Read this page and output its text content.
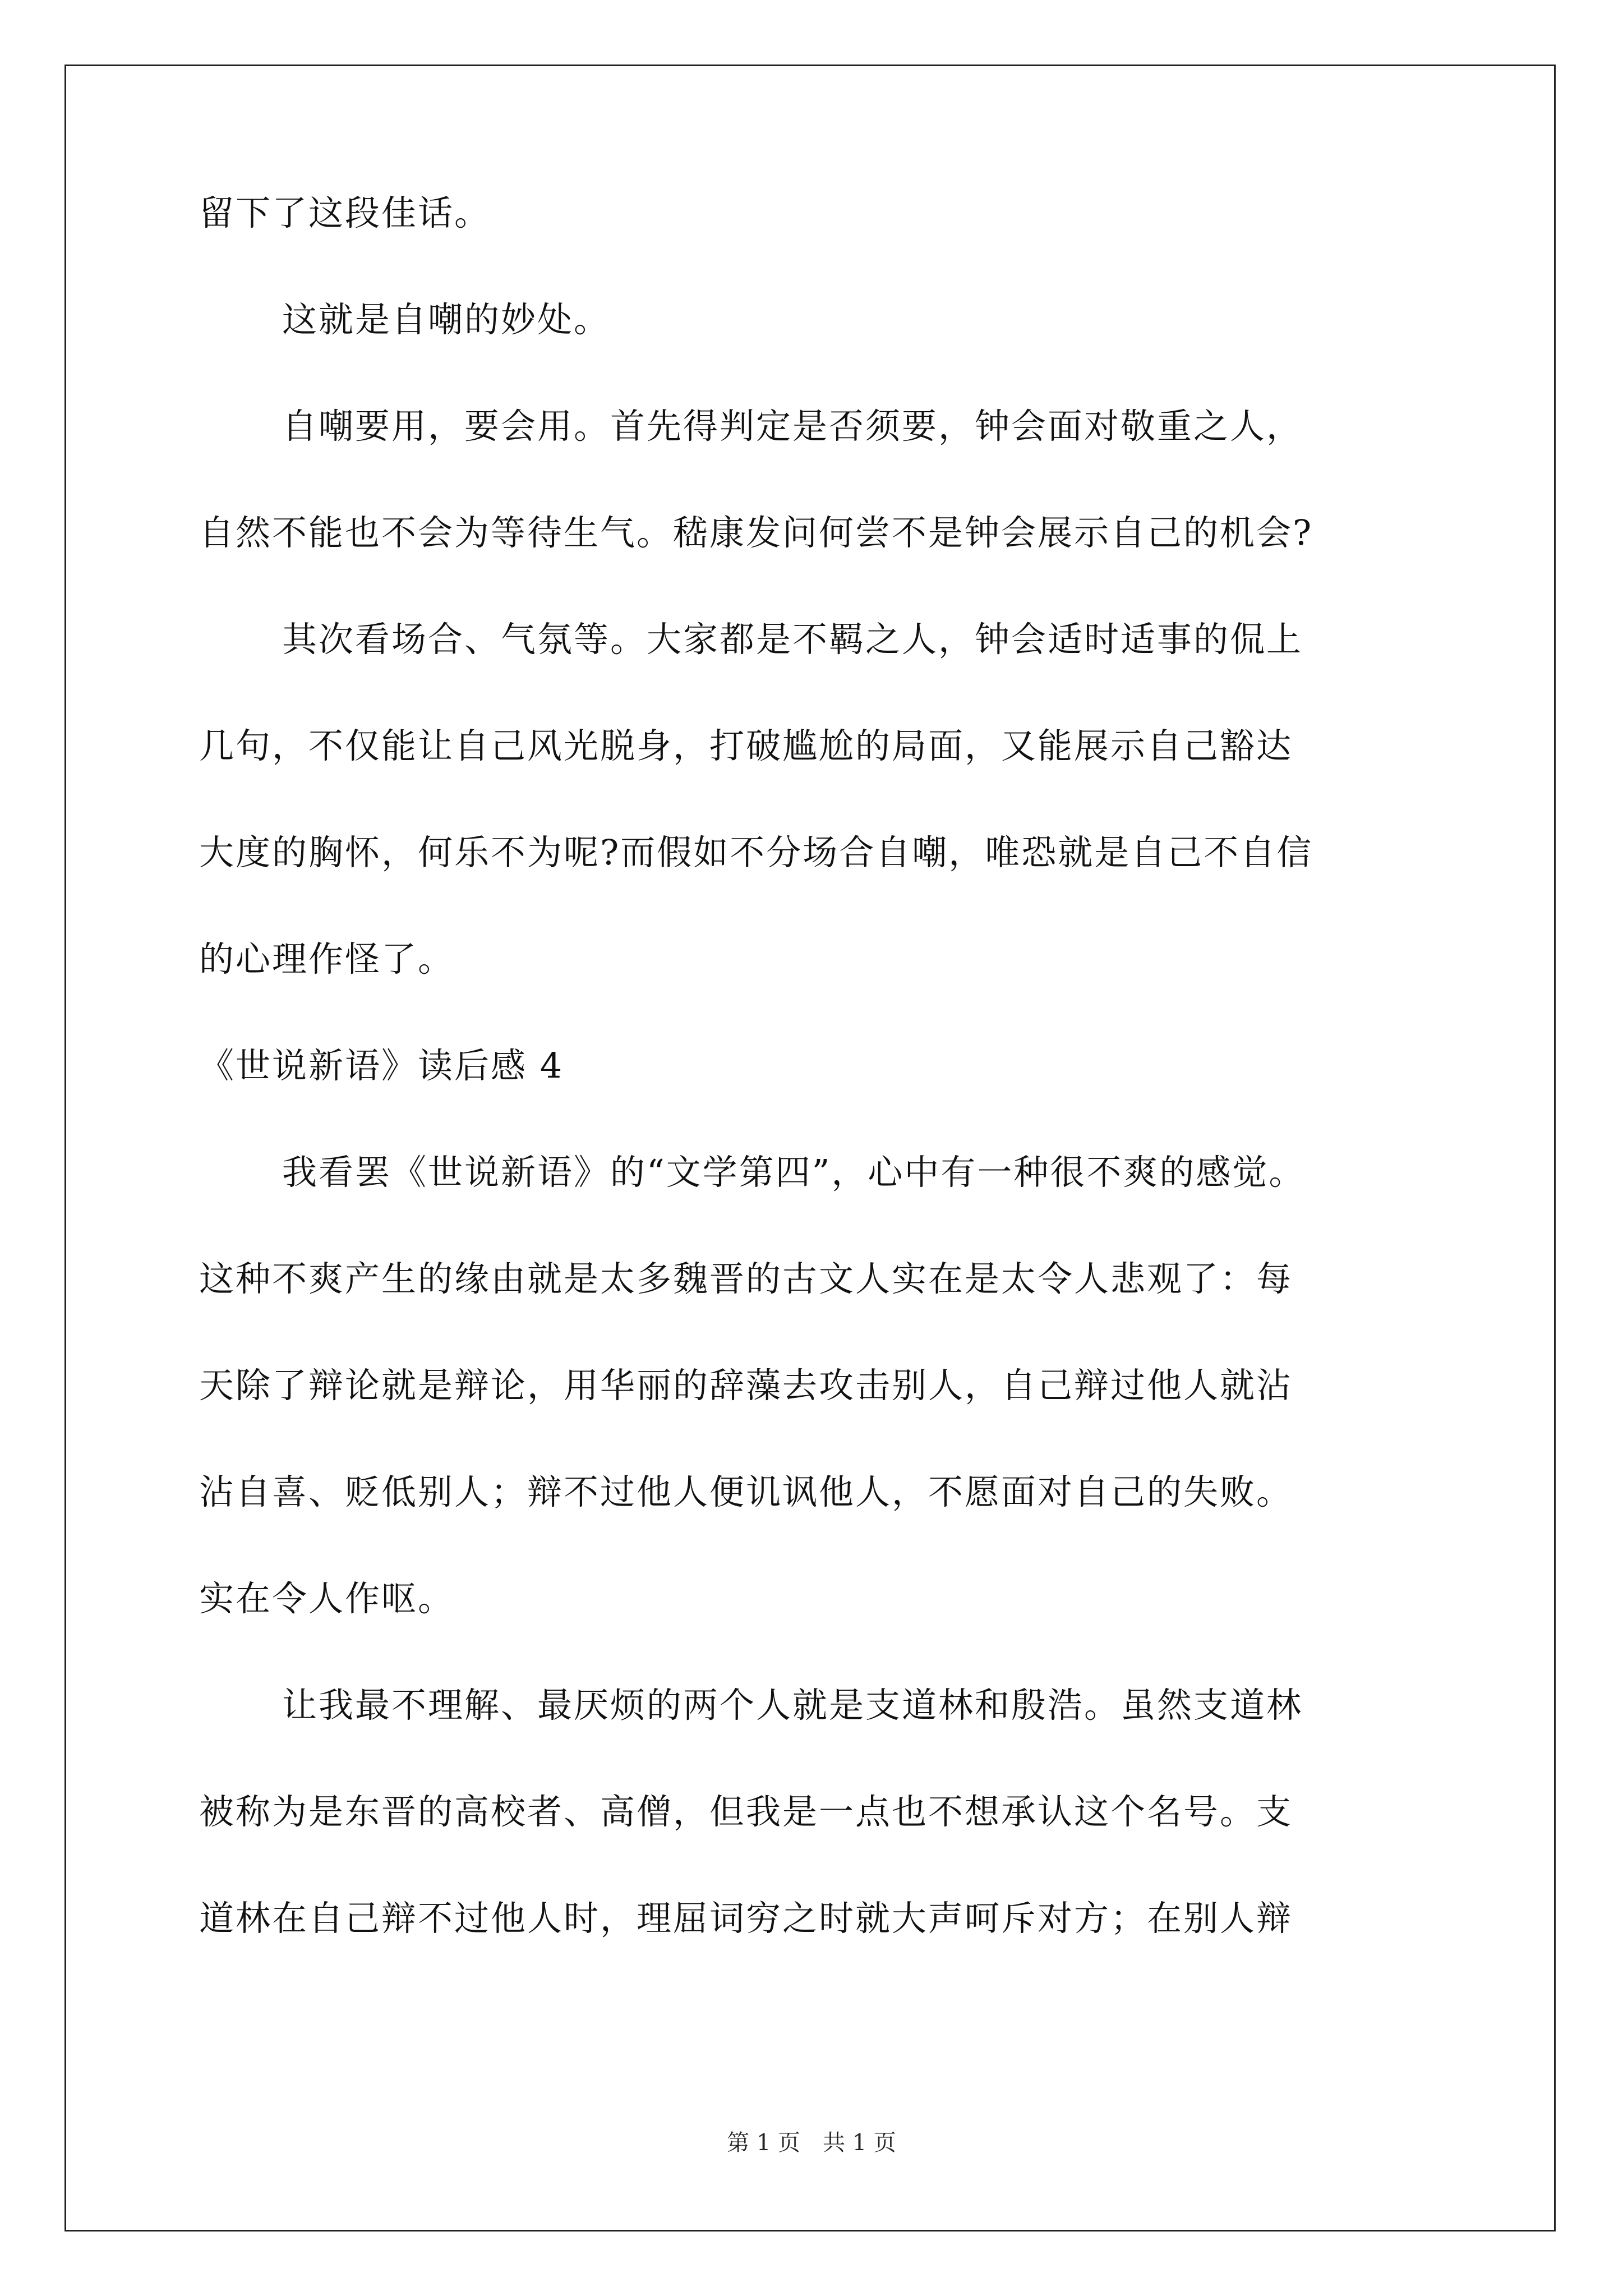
留下了这段佳话。
这就是自嘲的妙处。
自嘲要用，要会用。首先得判定是否须要，钟会面对敬重之人，
自然不能也不会为等待生气。嵇康发问何尝不是钟会展示自己的机会?
其次看场合、气氛等。大家都是不羁之人，钟会适时适事的侃上
几句，不仅能让自己风光脱身，打破尴尬的局面，又能展示自己豁达
大度的胸怀，何乐不为呢?而假如不分场合自嘲，唯恐就是自己不自信
的心理作怪了。
《世说新语》读后感 4
我看罢《世说新语》的“文学第四”，心中有一种很不爽的感觉。
这种不爽产生的缘由就是太多魏晋的古文人实在是太令人悲观了：每
天除了辩论就是辩论，用华丽的辞藻去攻击别人，自己辩过他人就沾
沾自喜、贬低别人；辩不过他人便讥讽他人，不愿面对自己的失败。
实在令人作呕。
让我最不理解、最厌烦的两个人就是支道林和殷浩。虽然支道林
被称为是东晋的高校者、高僧，但我是一点也不想承认这个名号。支
道林在自己辩不过他人时，理屈词穷之时就大声呵斥对方；在别人辩
第 1 页　共 1 页
